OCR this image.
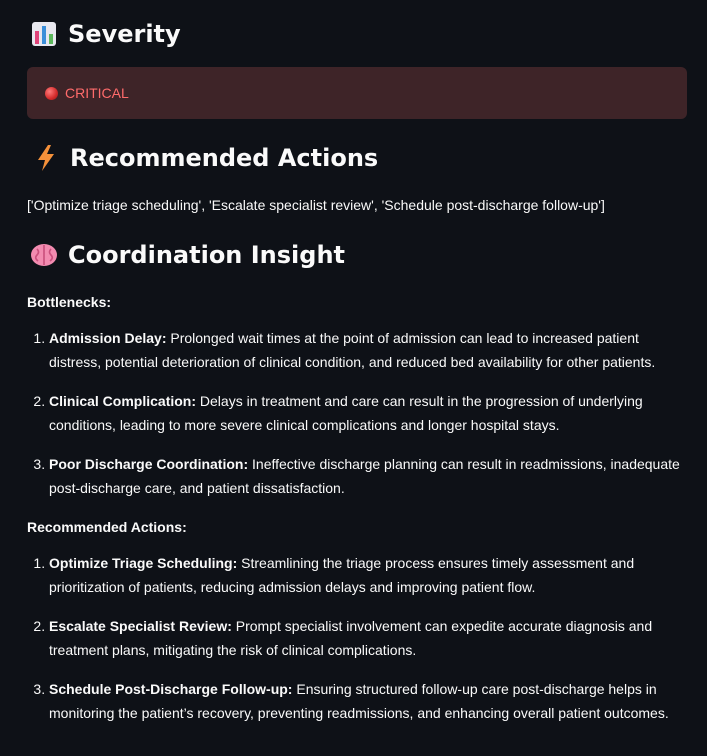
Severity
CRITICAL
Recommended Actions
['Optimize triage scheduling', 'Escalate specialist review', 'Schedule post-discharge follow-up']
Coordination Insight
Bottlenecks:
1. Admission Delay: Prolonged wait times at the point of admission can lead to increased patient distress, potential deterioration of clinical condition, and reduced bed availability for other patients.
2. Clinical Complication: Delays in treatment and care can result in the progression of underlying conditions, leading to more severe clinical complications and longer hospital stays.
3. Poor Discharge Coordination: Ineffective discharge planning can result in readmissions, inadequate post-discharge care, and patient dissatisfaction.
Recommended Actions:
1. Optimize Triage Scheduling: Streamlining the triage process ensures timely assessment and prioritization of patients, reducing admission delays and improving patient flow.
2. Escalate Specialist Review: Prompt specialist involvement can expedite accurate diagnosis and treatment plans, mitigating the risk of clinical complications.
3. Schedule Post-Discharge Follow-up: Ensuring structured follow-up care post-discharge helps in monitoring the patient’s recovery, preventing readmissions, and enhancing overall patient outcomes.
